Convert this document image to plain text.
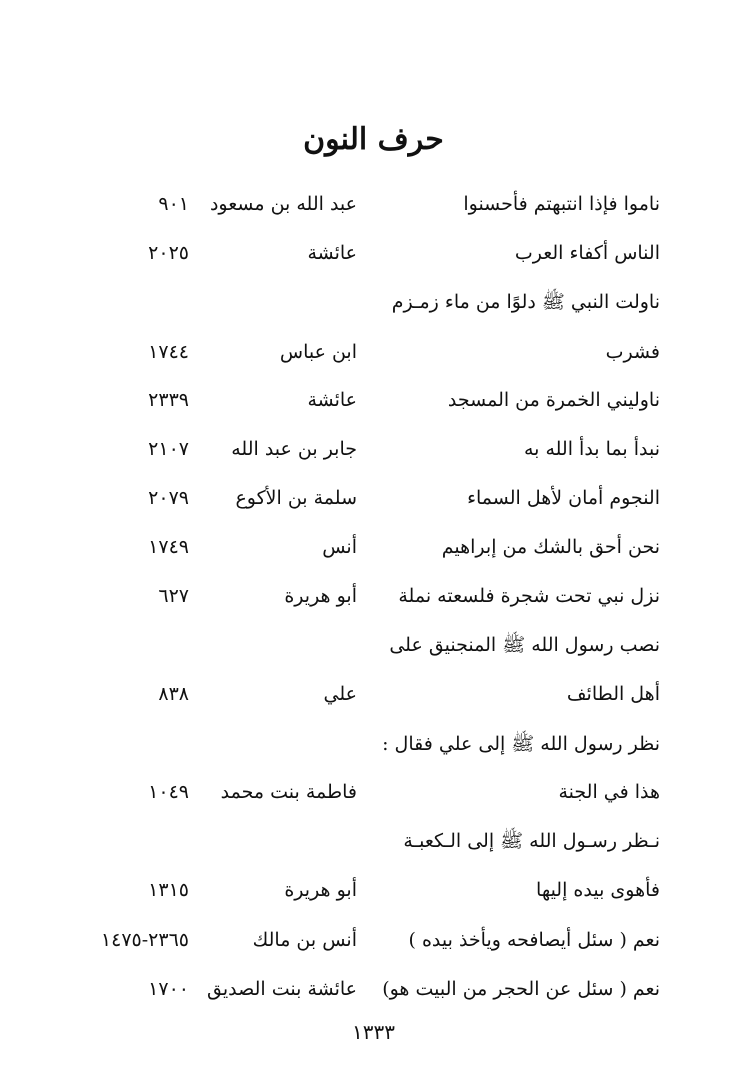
حرف النون
ناموا فإذا انتبهتم فأحسنوا
عبد الله بن مسعود
٩٠١
الناس أكفاء العرب
عائشة
٢٠٢٥
ناولت النبي ﷺ دلوًا من ماء زمـزم
فشرب
ابن عباس
١٧٤٤
ناوليني الخمرة من المسجد
عائشة
٢٣٣٩
نبدأ بما بدأ الله به
جابر بن عبد الله
٢١٠٧
النجوم أمان لأهل السماء
سلمة بن الأكوع
٢٠٧٩
نحن أحق بالشك من إبراهيم
أنس
١٧٤٩
نزل نبي تحت شجرة فلسعته نملة
أبو هريرة
٦٢٧
نصب رسول الله ﷺ المنجنيق على
أهل الطائف
علي
٨٣٨
نظر رسول الله ﷺ إلى علي فقال :
هذا في الجنة
فاطمة بنت محمد
١٠٤٩
نـظر رسـول الله ﷺ إلى الـكعبـة
فأهوى بيده إليها
أبو هريرة
١٣١٥
نعم ( سئل أيصافحه ويأخذ بيده )
أنس بن مالك
٢٣٦٥-١٤٧٥
نعم ( سئل عن الحجر من البيت هو)
عائشة بنت الصديق
١٧٠٠
١٣٣٣
